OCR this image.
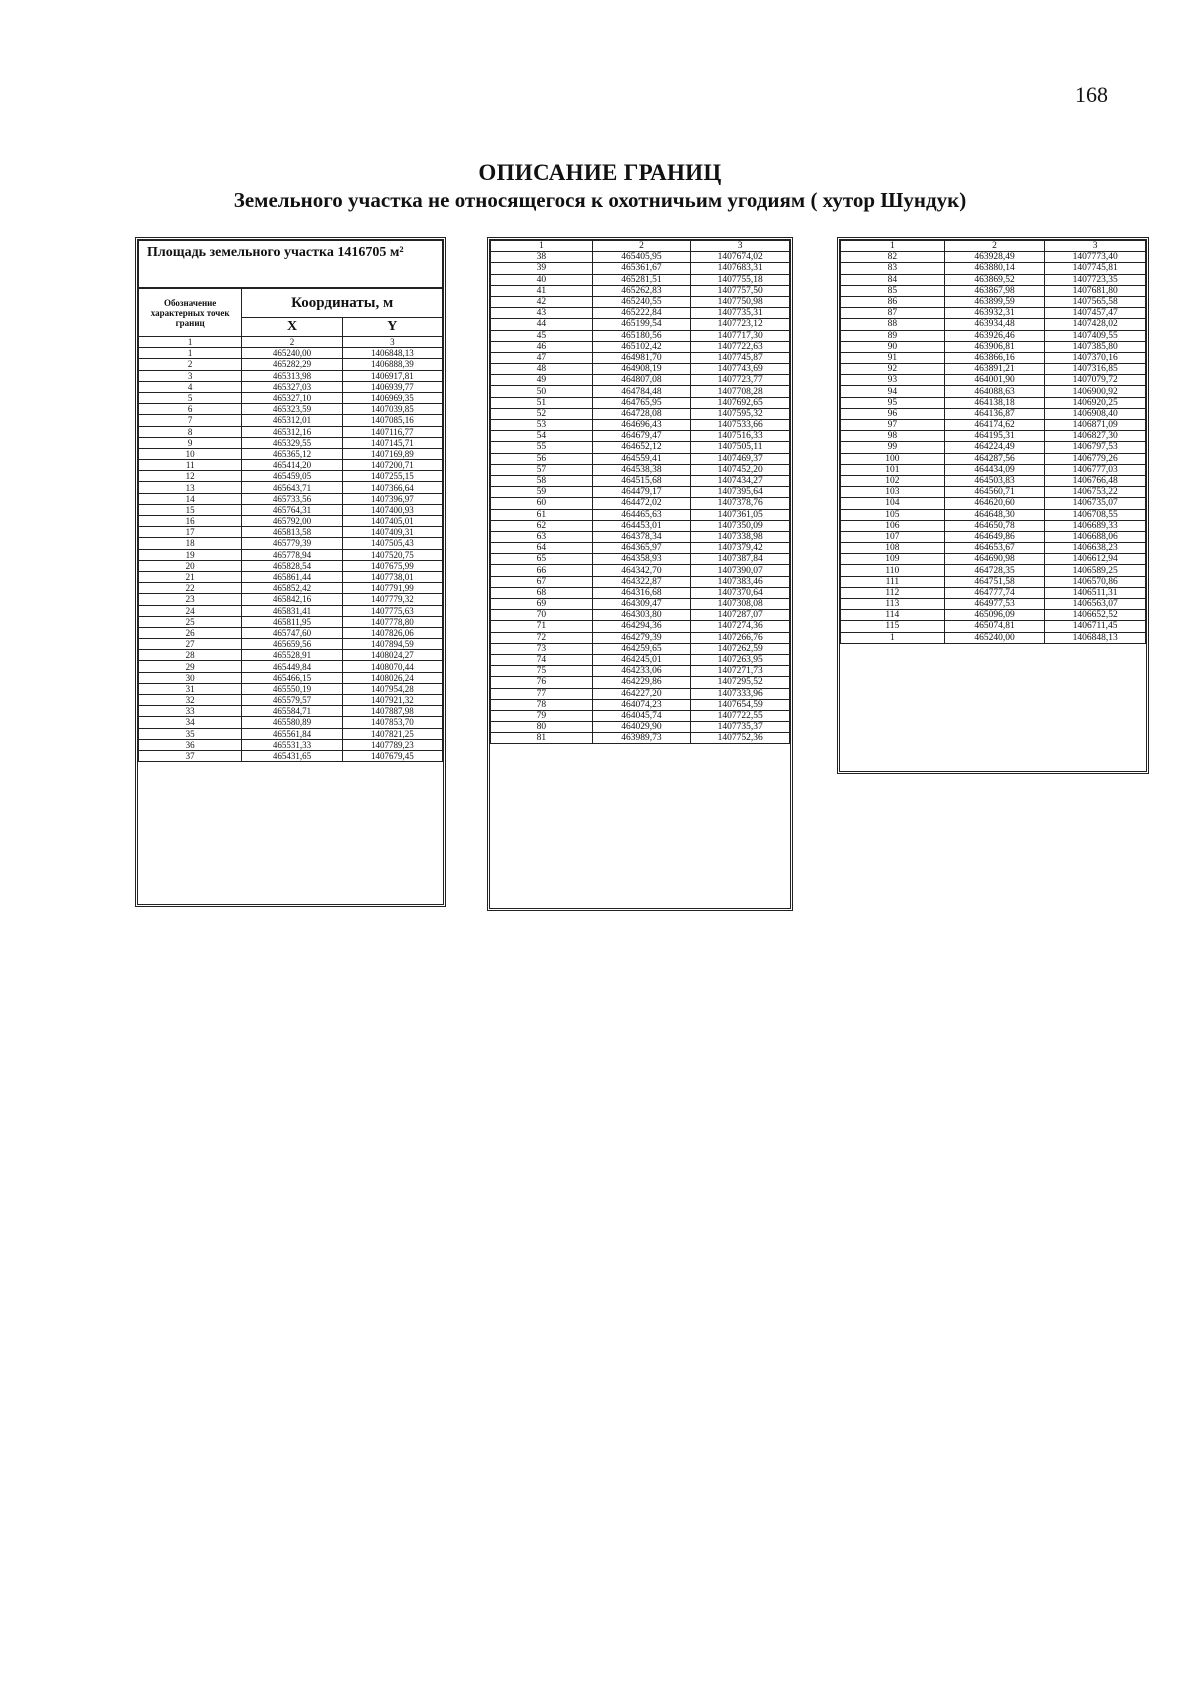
168
ОПИСАНИЕ ГРАНИЦ
Земельного участка не относящегося к охотничьим угодиям ( хутор Шундук)
Площадь земельного участка 1416705 м²
Обозначение характерных точек границ	Координаты, м	
	X	Y
1	2	3
1	465240,00	1406848,13
2	465282,29	1406888,39
3	465313,98	1406917,81
4	465327,03	1406939,77
5	465327,10	1406969,35
6	465323,59	1407039,85
7	465312,01	1407085,16
8	465312,16	1407116,77
9	465329,55	1407145,71
10	465365,12	1407169,89
11	465414,20	1407200,71
12	465459,05	1407255,15
13	465643,71	1407366,64
14	465733,56	1407396,97
15	465764,31	1407400,93
16	465792,00	1407405,01
17	465813,58	1407409,31
18	465779,39	1407505,43
19	465778,94	1407520,75
20	465828,54	1407675,99
21	465861,44	1407738,01
22	465852,42	1407791,99
23	465842,16	1407779,32
24	465831,41	1407775,63
25	465811,95	1407778,80
26	465747,60	1407826,06
27	465659,56	1407894,59
28	465528,91	1408024,27
29	465449,84	1408070,44
30	465466,15	1408026,24
31	465550,19	1407954,28
32	465579,57	1407921,32
33	465584,71	1407887,98
34	465580,89	1407853,70
35	465561,84	1407821,25
36	465531,33	1407789,23
37	465431,65	1407679,45
1	2	3
38	465405,95	1407674,02
39	465361,67	1407683,31
40	465281,51	1407755,18
41	465262,83	1407757,50
42	465240,55	1407750,98
43	465222,84	1407735,31
44	465199,54	1407723,12
45	465180,56	1407717,30
46	465102,42	1407722,63
47	464981,70	1407745,87
48	464908,19	1407743,69
49	464807,08	1407723,77
50	464784,48	1407708,28
51	464765,95	1407692,65
52	464728,08	1407595,32
53	464696,43	1407533,66
54	464679,47	1407516,33
55	464652,12	1407505,11
56	464559,41	1407469,37
57	464538,38	1407452,20
58	464515,68	1407434,27
59	464479,17	1407395,64
60	464472,02	1407378,76
61	464465,63	1407361,05
62	464453,01	1407350,09
63	464378,34	1407338,98
64	464365,97	1407379,42
65	464358,93	1407387,84
66	464342,70	1407390,07
67	464322,87	1407383,46
68	464316,68	1407370,64
69	464309,47	1407308,08
70	464303,80	1407287,07
71	464294,36	1407274,36
72	464279,39	1407266,76
73	464259,65	1407262,59
74	464245,01	1407263,95
75	464233,06	1407271,73
76	464229,86	1407295,52
77	464227,20	1407333,96
78	464074,23	1407654,59
79	464045,74	1407722,55
80	464029,90	1407735,37
81	463989,73	1407752,36
1	2	3
82	463928,49	1407773,40
83	463880,14	1407745,81
84	463869,52	1407723,35
85	463867,98	1407681,80
86	463899,59	1407565,58
87	463932,31	1407457,47
88	463934,48	1407428,02
89	463926,46	1407409,55
90	463906,81	1407385,80
91	463866,16	1407370,16
92	463891,21	1407316,85
93	464001,90	1407079,72
94	464088,63	1406900,92
95	464138,18	1406920,25
96	464136,87	1406908,40
97	464174,62	1406871,09
98	464195,31	1406827,30
99	464224,49	1406797,53
100	464287,56	1406779,26
101	464434,09	1406777,03
102	464503,83	1406766,48
103	464560,71	1406753,22
104	464620,60	1406735,07
105	464648,30	1406708,55
106	464650,78	1406689,33
107	464649,86	1406688,06
108	464653,67	1406638,23
109	464690,98	1406612,94
110	464728,35	1406589,25
111	464751,58	1406570,86
112	464777,74	1406511,31
113	464977,53	1406563,07
114	465096,09	1406652,52
115	465074,81	1406711,45
1	465240,00	1406848,13
